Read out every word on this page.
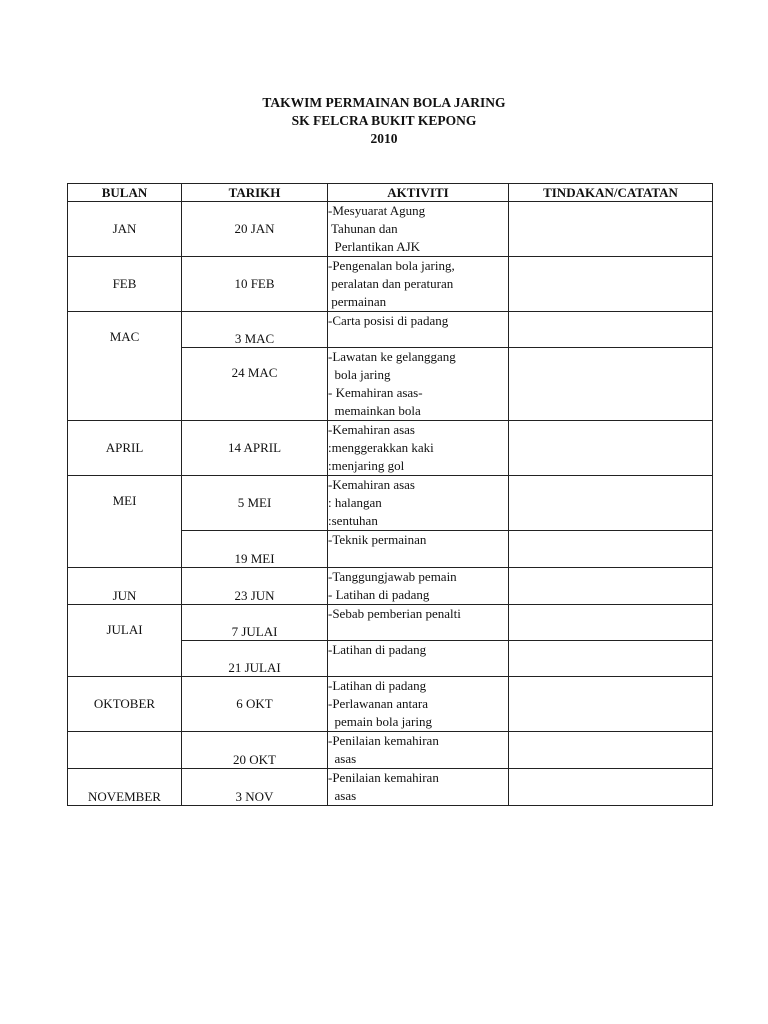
TAKWIM PERMAINAN BOLA JARING
SK FELCRA BUKIT KEPONG
2010
BULAN	TARIKH	AKTIVITI	TINDAKAN/CATATAN
JAN	20 JAN	-Mesyuarat Agung
Tahunan dan
Perlantikan AJK	

FEB	10 FEB	-Pengenalan bola jaring,
peralatan dan peraturan
permainan	

MAC	3 MAC	-Carta posisi di padang	

	24 MAC	-Lawatan ke gelanggang
bola jaring
- Kemahiran asas-
memainkan bola	

APRIL	14 APRIL	-Kemahiran asas
:menggerakkan kaki
:menjaring gol	

MEI	5 MEI	-Kemahiran asas
: halangan
:sentuhan	

	19 MEI	-Teknik permainan	

JUN	23 JUN	-Tanggungjawab pemain
- Latihan di padang	

JULAI	7 JULAI	-Sebab pemberian penalti	

	21 JULAI	-Latihan di padang	

OKTOBER	6 OKT	-Latihan di padang
-Perlawanan antara
pemain bola jaring	

	20 OKT	-Penilaian kemahiran
asas	

NOVEMBER	3 NOV	-Penilaian kemahiran
asas	
